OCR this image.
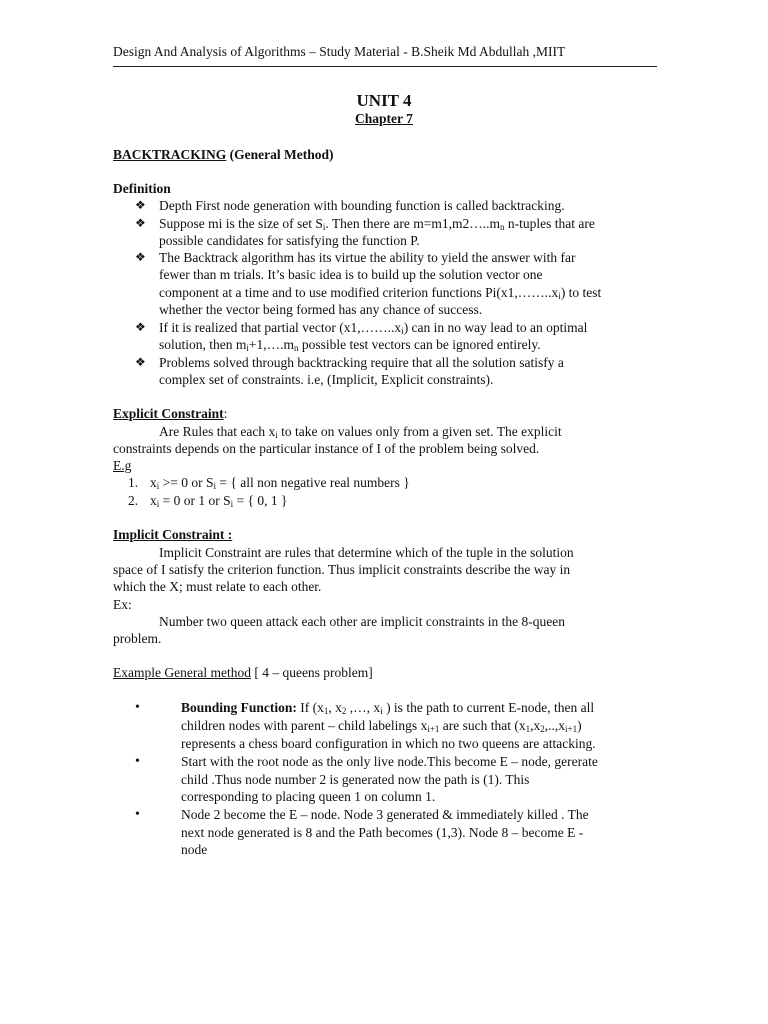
Design And Analysis of Algorithms – Study Material - B.Sheik Md Abdullah ,MIIT
UNIT 4
Chapter 7
BACKTRACKING (General Method)
Definition
❖ Depth First node generation with bounding function is called backtracking.
❖ Suppose mi is the size of set $S_i$. Then there are $m=m1,m2\dots..m_n$ n-tuples that are
possible candidates for satisfying the function P.
❖ The Backtrack algorithm has its virtue the ability to yield the answer with far
fewer than m trials. It’s basic idea is to build up the solution vector one
component at a time and to use modified criterion functions $Pi(x1,\dots\dots..x_i)$ to test
whether the vector being formed has any chance of success.
❖ If it is realized that partial vector $(x1,\dots\dots..x_i)$ can in no way lead to an optimal
solution, then $m_i+1,\dots.m_n$ possible test vectors can be ignored entirely.
❖ Problems solved through backtracking require that all the solution satisfy a
complex set of constraints. i.e, (Implicit, Explicit constraints).
Explicit Constraint:
Are Rules that each $x_i$ to take on values only from a given set. The explicit
constraints depends on the particular instance of I of the problem being solved.
E.g
1. $x_i >= 0$ or $S_i$ = { all non negative real numbers }
2. $x_i = 0$ or 1 or $S_i$ = { 0, 1 }
Implicit Constraint :
Implicit Constraint are rules that determine which of the tuple in the solution
space of I satisfy the criterion function. Thus implicit constraints describe the way in
which the X; must relate to each other.
Ex:
Number two queen attack each other are implicit constraints in the 8-queen
problem.
Example General method [ 4 – queens problem]
•	Bounding Function: If ($x_1$, $x_2$ ,…, $x_i$ ) is the path to current E-node, then all
children nodes with parent – child labelings $x_{i+1}$ are such that $(x_1,x_2,..,x_{i+1})$
represents a chess board configuration in which no two queens are attacking.
•	Start with the root node as the only live node.This become E – node, gererate
child .Thus node number 2 is generated now the path is (1). This
corresponding to placing queen 1 on column 1.
•	Node 2 become the E – node. Node 3 generated & immediately killed . The
next node generated is 8 and the Path becomes (1,3). Node 8 – become E -
node
